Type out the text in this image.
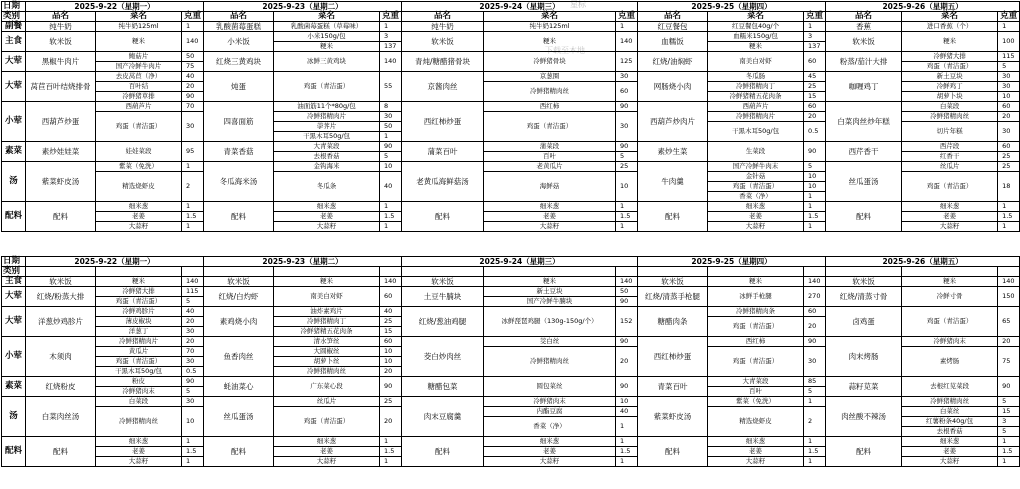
星标
下载至本地
日期	2025-9-22（星期一）			2025-9-23（星期二）			2025-9-24（星期三）			2025-9-25（星期四）			2025-9-26（星期五）		
类别	品名	菜名	克重	品名	菜名	克重	品名	菜名	克重	品名	菜名	克重	品名	菜名	克重
副餐	纯牛奶	纯牛奶125ml	1	乳酸菌莓蛋糕	乳酸菌莓蛋糕（草莓味）	1	纯牛奶	纯牛奶125ml	1	红豆餐包	红豆餐包40g/个	1	香蕉	进口香蕉（个）	1
主食	软米饭	粳米	140	小米饭	小米150g/包	3	软米饭	粳米	140	血糯饭	血糯米150g/包	3	软米饭	粳米	100
					粳米	137					粳米	137			
大荤	黑椒牛肉片	鲍菇片	50	红烧三黄鸡块	冰鲜三黄鸡块	140	青炖/糖醋猪骨块	冷鲜猪骨块	125	红烧/油焖虾	南美白对虾	60	粉蒸/茄汁大排	冷鲜猪大排	115
		国产冷鲜牛肉片	75											鸡蛋（青洁蛋）	5
大荤	莴苣百叶结烧排骨	去皮莴苣（净）	40	炖蛋	鸡蛋（青洁蛋）	55	京酱肉丝	京葱圈	30	网肠烧小肉	冬瓜肠	45	咖喱鸡丁	新土豆块	30
		百叶结	20					冷鲜猪精肉丝	60		冷鲜猪精肉丁	25		冷鲜鸡丁	30
		冷鲜猪草排	90								冷鲜猪精五花肉条	15		胡萝卜块	10
小荤	西葫芦炒蛋	西葫芦片	70	四喜面筋	油面筋11个*80g/包	8	西红柿炒蛋	西红柿	90	西葫芦炒肉片	西葫芦片	60	白菜肉丝炒年糕	白菜段	60
		鸡蛋（青洁蛋）	30		冷鲜猪精肉片	30		鸡蛋（青洁蛋）	30		冷鲜猪精肉片	20		冷鲜猪精肉丝	20
					荸荠片	50					干黑木耳50g/包	0.5		切片年糕	30
					干黑木耳50g/包	1									
素菜	素炒娃娃菜	娃娃菜段	95	青菜香菇	大青菜段	90	蒲菜百叶	蒲菜段	90	素炒生菜	生菜段	90	西芹香干	西芹段	60
					去根香菇	5		百叶	5					红香干	25
汤	紫菜虾皮汤	紫菜（免洗）	1	冬瓜海米汤	金钩海米	10	老黄瓜海鲜菇汤	老黄瓜片	25	牛肉羹	国产冷鲜牛肉末	5	丝瓜蛋汤	丝瓜片	25
		精选烧虾皮	2		冬瓜条	40		海鲜菇	10		金针菇	10		鸡蛋（青洁蛋）	18
											鸡蛋（青洁蛋）	10			
											香菜（净）	1			
配料	配料	细米葱	1	配料	细米葱	1	配料	细米葱	1	配料	细米葱	1	配料	细米葱	1
		老姜	1.5		老姜	1.5		老姜	1.5		老姜	1.5		老姜	1.5
		大蒜籽	1		大蒜籽	1		大蒜籽	1		大蒜籽	1		大蒜籽	1
日期	2025-9-22（星期一）			2025-9-23（星期二）			2025-9-24（星期三）			2025-9-25（星期四）			2025-9-26（星期五）		
类别															
主食	软米饭	粳米	140	软米饭	粳米	140	软米饭	粳米	140	软米饭	粳米	140	软米饭	粳米	140
大荤	红烧/粉蒸大排	冷鲜猪大排	115	红烧/白灼虾	南美白对虾	60	土豆牛腩块	新土豆块	50	红烧/清蒸手枪腿	冰鲜手枪腿	270	红烧/清蒸寸骨	冷鲜寸骨	150
		鸡蛋（青洁蛋）	5					国产冷鲜牛腩块	90						
大荤	洋葱炒鸡胗片	冷鲜鸡胗片	40	素鸡烧小肉	油炸素鸡片	40	红烧/葱油鸡腿	冰鲜琵琶鸡腿（130g-150g/个）	152	糖醋肉条	冷鲜猪精肉条	60	卤鸡蛋	鸡蛋（青洁蛋）	65
		薄皮椒块	20		冷鲜猪精肉丁	25					鸡蛋（青洁蛋）	20			
		洋葱丁	30		冷鲜猪精五花肉条	15									
小荤	木须肉	冷鲜猪精肉片	20	鱼香肉丝	清水笋丝	60	茭白炒肉丝	茭白丝	90	西红柿炒蛋	西红柿	90	肉末烤肠	冷鲜猪肉末	20
		黄瓜片	70		大圆椒丝	10		冷鲜猪精肉丝	20		鸡蛋（青洁蛋）	30		素烤肠	75
		鸡蛋（青洁蛋）	30		胡萝卜丝	10									
		干黑木耳50g/包	0.5		冷鲜猪精肉丝	20									
素菜	红烧粉皮	粉皮	90	蚝油菜心	广东菜心段	90	糖醋包菜	圆包菜丝	90	青菜百叶	大青菜段	85	蒜籽苋菜	去根红苋菜段	90
		冷鲜猪肉末	5								百叶	5			
汤	白菜肉丝汤	白菜段	30	丝瓜蛋汤	丝瓜片	25	肉末豆腐羹	冷鲜猪肉末	10	紫菜虾皮汤	紫菜（免洗）	1	肉丝酸不辣汤	冷鲜猪精肉丝	5
		冷鲜猪精肉丝	10		鸡蛋（青洁蛋）	20		内酯豆腐	40		精选烧虾皮	2		白菜丝	15
								香菜（净）	1					红薯粉条40g/包	3
														去根香菇	5
配料	配料	细米葱	1	配料	细米葱	1	配料	细米葱	1	配料	细米葱	1	配料	细米葱	1
		老姜	1.5		老姜	1.5		老姜	1.5		老姜	1.5		老姜	1.5
		大蒜籽	1		大蒜籽	1		大蒜籽	1		大蒜籽	1		大蒜籽	1
